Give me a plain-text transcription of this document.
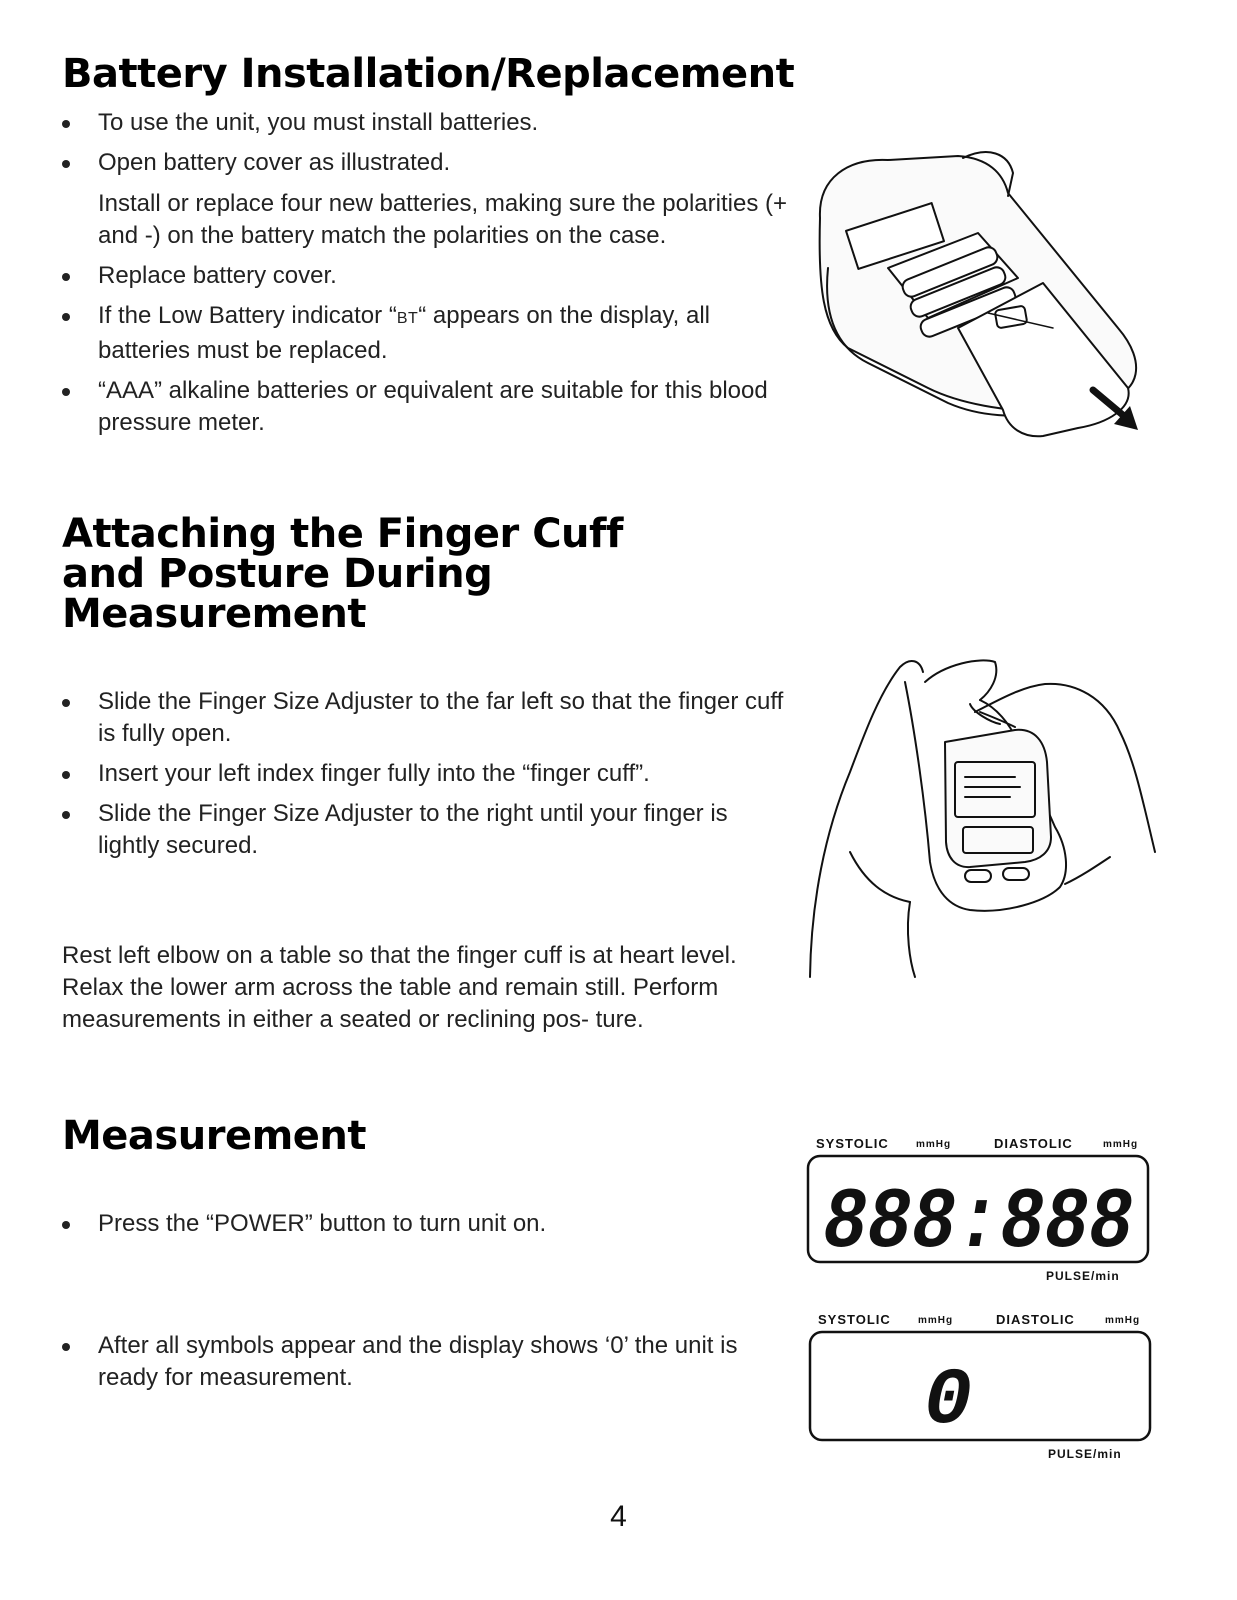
Battery Installation/Replacement
To use the unit, you must install batteries.
Open battery cover as illustrated.
Install or replace four new batteries, making sure the polarities (+ and -) on the battery match the polarities on the case.
Replace battery cover.
If the Low Battery indicator “BT“ appears on the display, all batteries must be replaced.
“AAA” alkaline batteries or equivalent are suitable for this blood pressure meter.
Attaching the Finger Cuff
and Posture During
Measurement
Slide the Finger Size Adjuster to the far left so that the finger cuff is fully open.
Insert your left index finger fully into the “finger cuff”.
Slide the Finger Size Adjuster to the right until your finger is lightly secured.

Rest left elbow on a table so that the finger cuff is at heart level. Relax the lower arm across the table and remain still. Perform measurements in either a seated or reclining pos- ture.

Measurement
Press the “POWER” button to turn unit on.
After all symbols appear and the display shows ‘0’ the unit is ready for measurement.
SYSTOLIC	mmHg	DIASTOLIC	mmHg
888:888
PULSE/min
SYSTOLIC	mmHg	DIASTOLIC	mmHg
0
PULSE/min
4
